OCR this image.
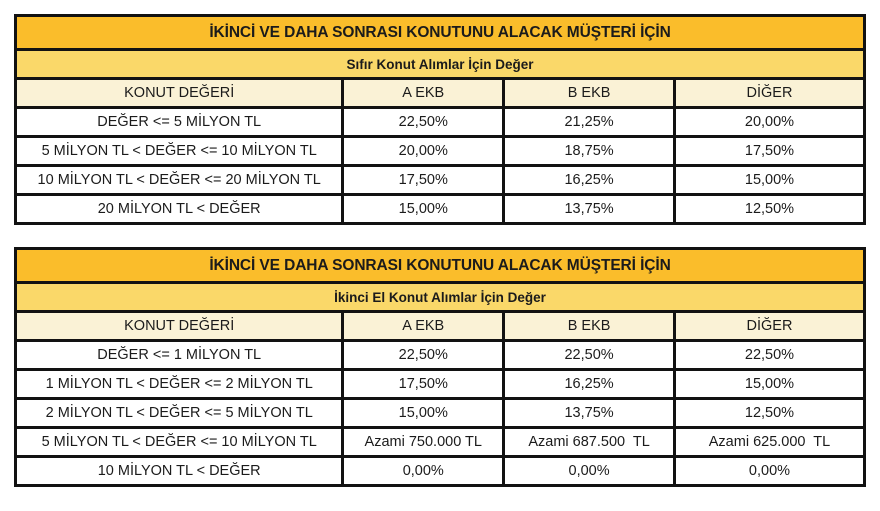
İKİNCİ VE DAHA SONRASI KONUTUNU ALACAK MÜŞTERİ İÇİN
Sıfır Konut Alımlar İçin Değer
KONUT DEĞERİ	A EKB	B EKB	DİĞER
DEĞER <= 5 MİLYON TL	22,50%	21,25%	20,00%
5 MİLYON TL < DEĞER <= 10 MİLYON TL	20,00%	18,75%	17,50%
10 MİLYON TL < DEĞER <= 20 MİLYON TL	17,50%	16,25%	15,00%
20 MİLYON TL < DEĞER	15,00%	13,75%	12,50%
İKİNCİ VE DAHA SONRASI KONUTUNU ALACAK MÜŞTERİ İÇİN
İkinci El Konut Alımlar İçin Değer
KONUT DEĞERİ	A EKB	B EKB	DİĞER
DEĞER <= 1 MİLYON TL	22,50%	22,50%	22,50%
1 MİLYON TL < DEĞER <= 2 MİLYON TL	17,50%	16,25%	15,00%
2 MİLYON TL < DEĞER <= 5 MİLYON TL	15,00%	13,75%	12,50%
5 MİLYON TL < DEĞER <= 10 MİLYON TL	Azami 750.000 TL	Azami 687.500  TL	Azami 625.000  TL
10 MİLYON TL < DEĞER	0,00%	0,00%	0,00%
